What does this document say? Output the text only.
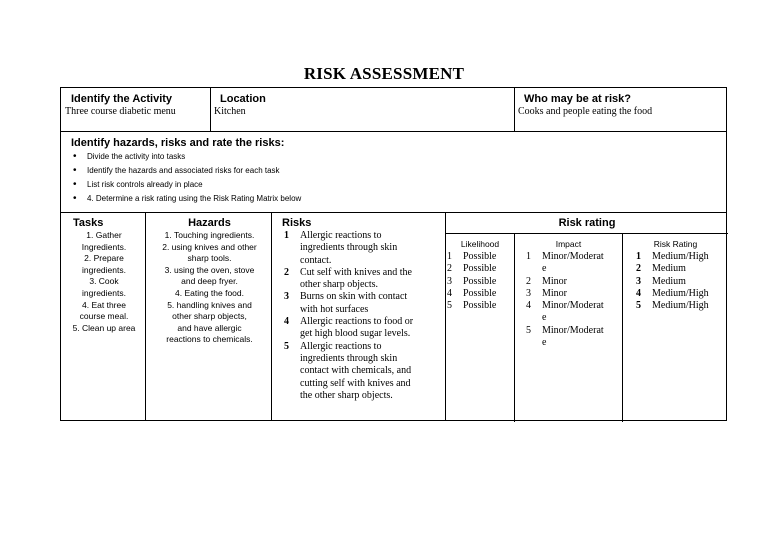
RISK ASSESSMENT
Identify the Activity
Three course diabetic menu
Location
Kitchen
Who may be at risk?
Cooks and people eating the food
Identify hazards, risks and rate the risks:
• Divide the activity into tasks
• Identify the hazards and associated risks for each task
• List risk controls already in place
• 4. Determine a risk rating using the Risk Rating Matrix below
Tasks
1. Gather
Ingredients.
2. Prepare
ingredients.
3. Cook
ingredients.
4. Eat three
course meal.
5. Clean up area
Hazards
1. Touching ingredients.
2. using knives and other
sharp tools.
3. using the oven, stove
and deep fryer.
4. Eating the food.
5. handling knives and
other sharp objects,
and have allergic
reactions to chemicals.
Risks
1 Allergic reactions to
ingredients through skin
contact.
2 Cut self with knives and the
other sharp objects.
3 Burns on skin with contact
with hot surfaces
4 Allergic reactions to food or
get high blood sugar levels.
5 Allergic reactions to
ingredients through skin
contact with chemicals, and
cutting self with knives and
the other sharp objects.
Risk rating
Likelihood
1 Possible
2 Possible
3 Possible
4 Possible
5 Possible
Impact
1 Minor/Moderat
e
2 Minor
3 Minor
4 Minor/Moderat
e
5 Minor/Moderat
e
Risk Rating
1 Medium/High
2 Medium
3 Medium
4 Medium/High
5 Medium/High
